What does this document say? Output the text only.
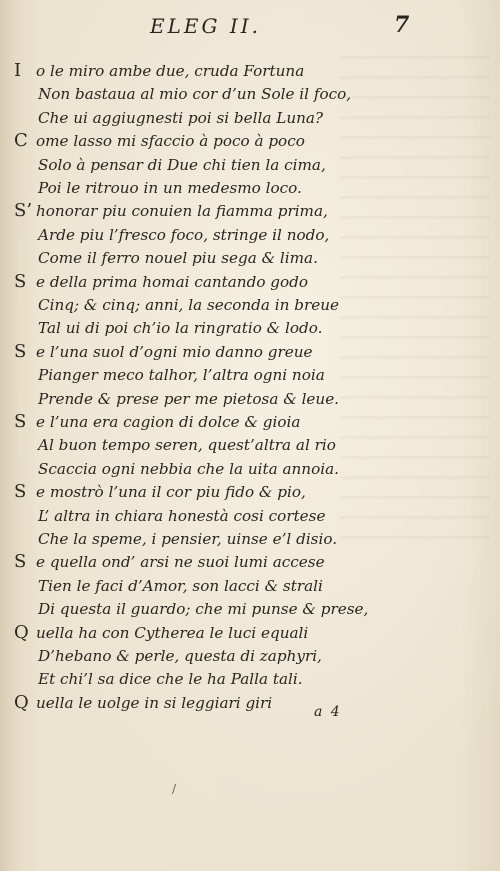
ELEG II.	7
I o le miro ambe due, cruda Fortuna
Non bastaua al mio cor d’un Sole il foco,
Che ui aggiugnesti poi si bella Luna?
C ome lasso mi sfaccio à poco à poco
Solo à pensar di Due chi tien la cima,
Poi le ritrouo in un medesmo loco.
S’ honorar piu conuien la fiamma prima,
Arde piu l’fresco foco, stringe il nodo,
Come il ferro nouel piu sega & lima.
S e della prima homai cantando godo
Cinq; & cinq; anni, la seconda in breue
Tal ui di poi ch’io la ringratio & lodo.
S e l’una suol d’ogni mio danno greue
Pianger meco talhor, l’altra ogni noia
Prende & prese per me pietosa & leue.
S e l’una era cagion di dolce & gioia
Al buon tempo seren, quest’altra al rio
Scaccia ogni nebbia che la uita annoia.
S e mostrò l’una il cor piu fido & pio,
L’ altra in chiara honestà cosi cortese
Che la speme, i pensier, uinse e’l disio.
S e quella ond’ arsi ne suoi lumi accese
Tien le faci d’Amor, son lacci & strali
Di questa il guardo; che mi punse & prese,
Q uella ha con Cytherea le luci equali
D’hebano & perle, questa di zaphyri,
Et chi’l sa dice che le ha Palla tali.
Q uella le uolge in si leggiari giri
a 4
/
